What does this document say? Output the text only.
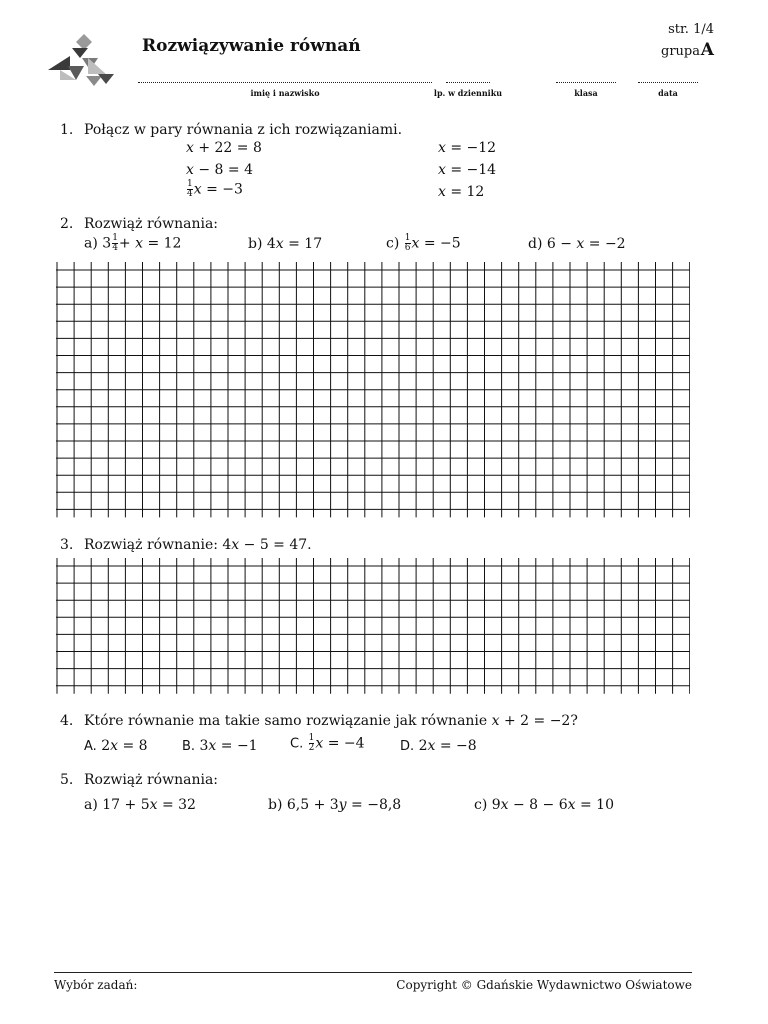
Rozwiązywanie równań
str. 1/4
grupa A
imię i nazwisko	lp. w dzienniku	klasa	data
1. Połącz w pary równania z ich rozwiązaniami.
𝑥 + 22 = 8
𝑥 − 8 = 4
$\frac{1}{4}$ 𝑥 = −3
𝑥 = −12
𝑥 = −14
𝑥 = 12
2. Rozwiąż równania:
a) $3 \frac{1}{4}$ + 𝑥 = 12	b) 4𝑥 = 17	$c) \frac{1}{6}$ 𝑥 = −5	d) 6 − 𝑥 = −2
3. Rozwiąż równanie: 4𝑥 − 5 = 47.
4. Które równanie ma takie samo rozwiązanie jak równanie 𝑥 + 2 = −2?
A. 2𝑥 = 8	B. 3𝑥 = −1 C. $\frac{1}{2}$ 𝑥 = −4	D. 2𝑥 = −8
5. Rozwiąż równania:
a) 17 + 5𝑥 = 32	b) 6,5 + 3𝑦 = −8,8	c) 9𝑥 − 8 − 6𝑥 = 10
Wybór zadań:	Copyright © Gdańskie Wydawnictwo Oświatowe
